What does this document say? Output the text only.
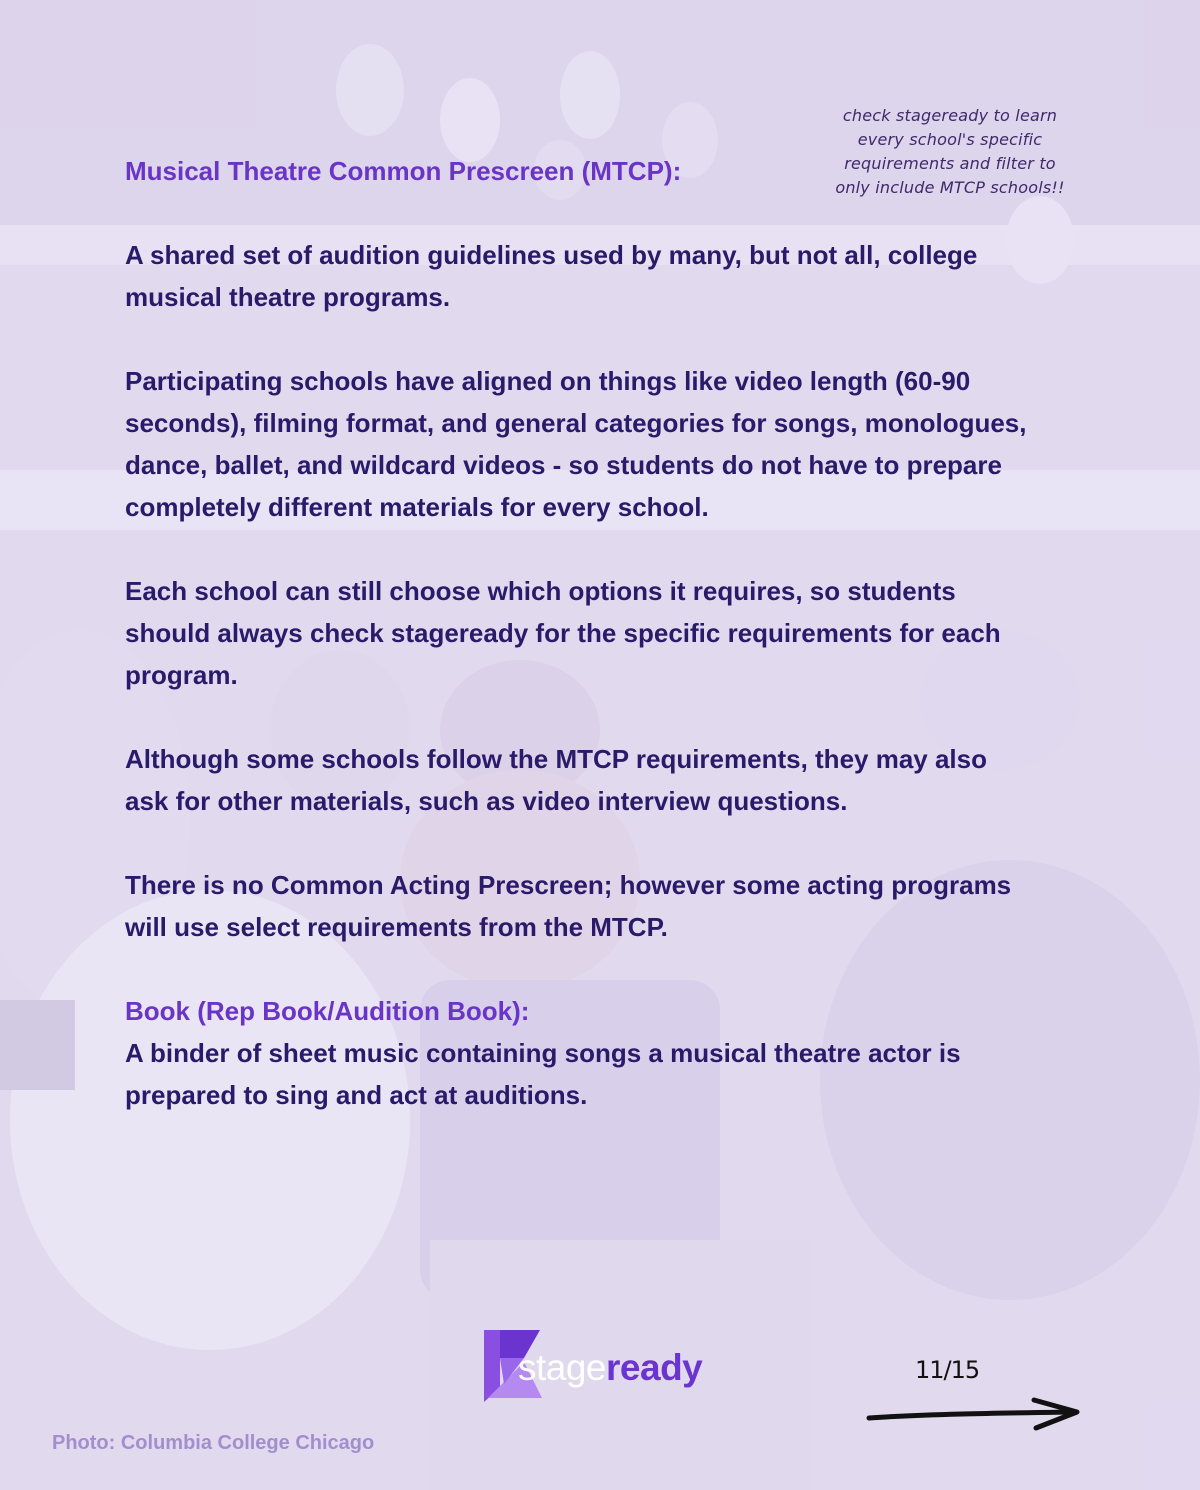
check stageready to learn
every school's specific
requirements and filter to
only include MTCP schools!!

Musical Theatre Common Prescreen (MTCP):

A shared set of audition guidelines used by many, but not all, college
musical theatre programs.

Participating schools have aligned on things like video length (60-90
seconds), filming format, and general categories for songs, monologues,
dance, ballet, and wildcard videos - so students do not have to prepare
completely different materials for every school.

Each school can still choose which options it requires, so students
should always check stageready for the specific requirements for each
program.

Although some schools follow the MTCP requirements, they may also
ask for other materials, such as video interview questions.

There is no Common Acting Prescreen; however some acting programs
will use select requirements from the MTCP.

Book (Rep Book/Audition Book):

A binder of sheet music containing songs a musical theatre actor is
prepared to sing and act at auditions.

stageready	11/15
Photo: Columbia College Chicago
